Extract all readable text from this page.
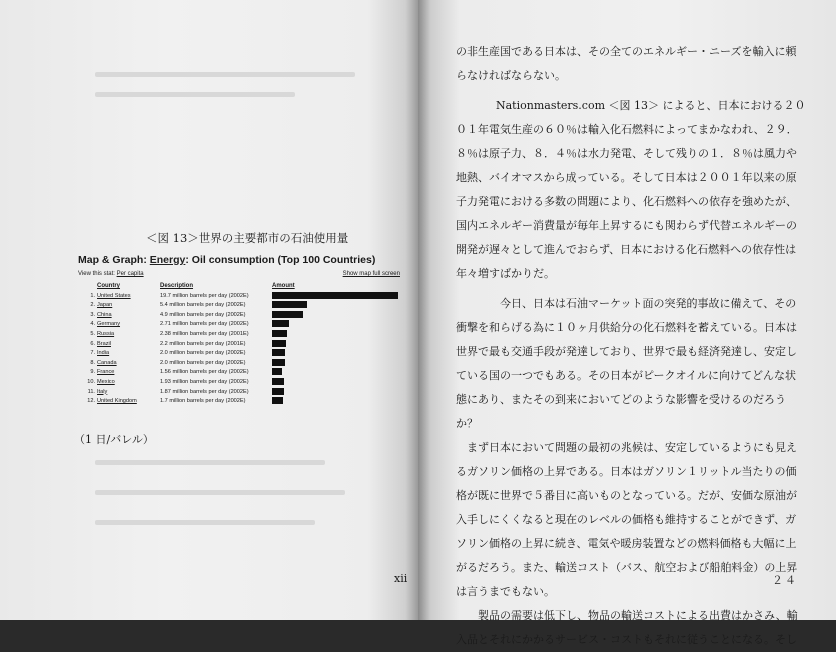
＜図 13＞世界の主要都市の石油使用量
Map & Graph: Energy: Oil consumption (Top 100 Countries)
View this stat: Per capita	Show map full screen
	Country	Description	Amount
1.	United States	19.7 million barrels per day (2002E)	
2.	Japan	5.4 million barrels per day (2002E)	
3.	China	4.9 million barrels per day (2002E)	
4.	Germany	2.71 million barrels per day (2002E)	
5.	Russia	2.38 million barrels per day (2001E)	
6.	Brazil	2.2 million barrels per day (2001E)	
7.	India	2.0 million barrels per day (2002E)	
8.	Canada	2.0 million barrels per day (2002E)	
9.	France	1.56 million barrels per day (2002E)	
10.	Mexico	1.93 million barrels per day (2002E)	
11.	Italy	1.87 million barrels per day (2002E)	
12.	United Kingdom	1.7 million barrels per day (2002E)	
（1 日/バレル）
xii

の非生産国である日本は、その全てのエネルギー・ニーズを輸入に頼らなければならない。

Nationmasters.com ＜図 13＞ によると、日本における２００１年電気生産の６０％は輸入化石燃料によってまかなわれ、２９．８％は原子力、８．４％は水力発電、そして残りの１．８％は風力や地熱、バイオマスから成っている。そして日本は２００１年以来の原子力発電における多数の問題により、化石燃料への依存を強めたが、国内エネルギー消費量が毎年上昇するにも関わらず代替エネルギーの開発が遅々として進んでおらず、日本における化石燃料への依存性は年々増すばかりだ。

今日、日本は石油マーケット面の突発的事故に備えて、その衝撃を和らげる為に１０ヶ月供給分の化石燃料を蓄えている。日本は世界で最も交通手段が発達しており、世界で最も経済発達し、安定している国の一つでもある。その日本がピークオイルに向けてどんな状態にあり、またその到来においてどのような影響を受けるのだろうか？

まず日本において問題の最初の兆候は、安定しているようにも見えるガソリン価格の上昇である。日本はガソリン１リットル当たりの価格が既に世界で５番目に高いものとなっている。だが、安価な原油が入手しにくくなると現在のレベルの価格も維持することができず、ガソリン価格の上昇に続き、電気や暖房装置などの燃料価格も大幅に上がるだろう。また、輸送コスト（バス、航空および船舶料金）の上昇は言うまでもない。

製品の需要は低下し、物品の輸送コストによる出費はかさみ、輸入品とそれにかかるサービス・コストもそれに従うことになる。そし

２４
